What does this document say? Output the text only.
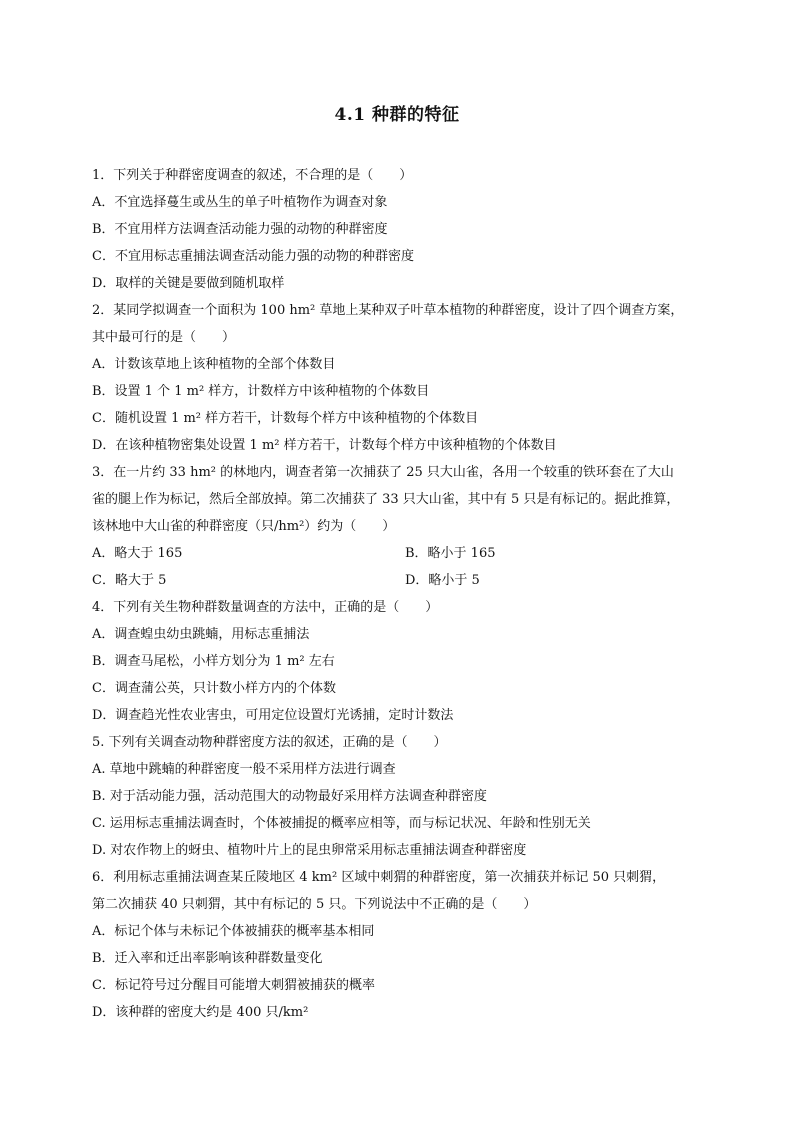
4.1 种群的特征
1．下列关于种群密度调查的叙述，不合理的是（　　）
A．不宜选择蔓生或丛生的单子叶植物作为调查对象
B．不宜用样方法调查活动能力强的动物的种群密度
C．不宜用标志重捕法调查活动能力强的动物的种群密度
D．取样的关键是要做到随机取样
2．某同学拟调查一个面积为 100 hm² 草地上某种双子叶草本植物的种群密度，设计了四个调查方案，
其中最可行的是（　　）
A．计数该草地上该种植物的全部个体数目
B．设置 1 个 1 m² 样方，计数样方中该种植物的个体数目
C．随机设置 1 m² 样方若干，计数每个样方中该种植物的个体数目
D．在该种植物密集处设置 1 m² 样方若干，计数每个样方中该种植物的个体数目
3．在一片约 33 hm² 的林地内，调查者第一次捕获了 25 只大山雀，各用一个较重的铁环套在了大山
雀的腿上作为标记，然后全部放掉。第二次捕获了 33 只大山雀，其中有 5 只是有标记的。据此推算，
该林地中大山雀的种群密度（只/hm²）约为（　　）
A．略大于 165	B．略小于 165
C．略大于 5	D．略小于 5
4．下列有关生物种群数量调查的方法中，正确的是（　　）
A．调查蝗虫幼虫跳蝻，用标志重捕法
B．调查马尾松，小样方划分为 1 m² 左右
C．调查蒲公英，只计数小样方内的个体数
D．调查趋光性农业害虫，可用定位设置灯光诱捕，定时计数法
5. 下列有关调查动物种群密度方法的叙述，正确的是（　　）
A. 草地中跳蝻的种群密度一般不采用样方法进行调查
B. 对于活动能力强，活动范围大的动物最好采用样方法调查种群密度
C. 运用标志重捕法调查时，个体被捕捉的概率应相等，而与标记状况、年龄和性别无关
D. 对农作物上的蚜虫、植物叶片上的昆虫卵常采用标志重捕法调查种群密度
6．利用标志重捕法调查某丘陵地区 4 km² 区域中刺猬的种群密度，第一次捕获并标记 50 只刺猬，
第二次捕获 40 只刺猬，其中有标记的 5 只。下列说法中不正确的是（　　）
A．标记个体与未标记个体被捕获的概率基本相同
B．迁入率和迁出率影响该种群数量变化
C．标记符号过分醒目可能增大刺猬被捕获的概率
D．该种群的密度大约是 400 只/km²
